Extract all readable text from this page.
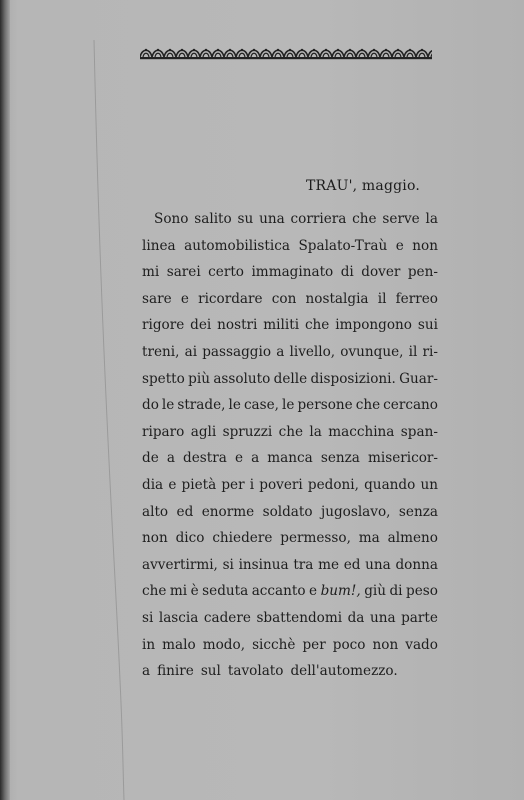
TRAU', maggio.
Sono salito su una corriera che serve la
linea automobilistica Spalato-Traù e non
mi sarei certo immaginato di dover pen-
sare e ricordare con nostalgia il ferreo
rigore dei nostri militi che impongono sui
treni, ai passaggio a livello, ovunque, il ri-
spetto più assoluto delle disposizioni. Guar-
do le strade, le case, le persone che cercano
riparo agli spruzzi che la macchina span-
de a destra e a manca senza misericor-
dia e pietà per i poveri pedoni, quando un
alto ed enorme soldato jugoslavo, senza
non dico chiedere permesso, ma almeno
avvertirmi, si insinua tra me ed una donna
che mi è seduta accanto e bum!, giù di peso
si lascia cadere sbattendomi da una parte
in malo modo, sicchè per poco non vado
a finire sul tavolato dell'automezzo.
